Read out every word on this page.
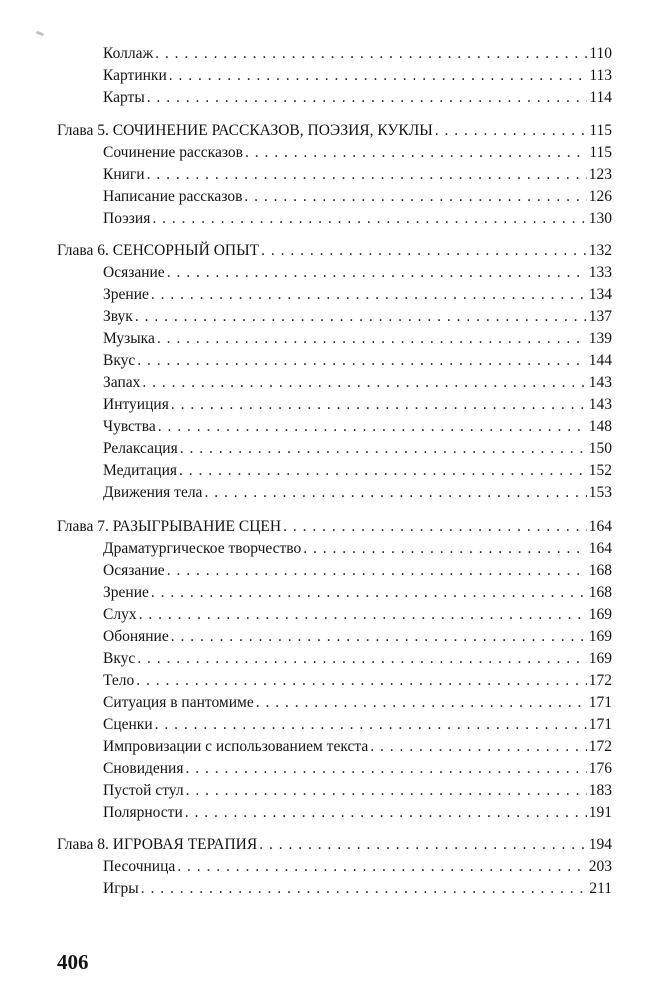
Коллаж . . .	110
Картинки . . .	113
Карты . . .	114
Глава 5. СОЧИНЕНИЕ РАССКАЗОВ, ПОЭЗИЯ, КУКЛЫ . . .	115
Сочинение рассказов . . .	115
Книги . . .	123
Написание рассказов . . .	126
Поэзия . . .	130
Глава 6. СЕНСОРНЫЙ ОПЫТ . . .	132
Осязание . . .	133
Зрение . . .	134
Звук . . .	137
Музыка . . .	139
Вкус . . .	144
Запах . . .	143
Интуиция . . .	143
Чувства . . .	148
Релаксация . . .	150
Медитация . . .	152
Движения тела . . .	153
Глава 7. РАЗЫГРЫВАНИЕ СЦЕН . . .	164
Драматургическое творчество . . .	164
Осязание . . .	168
Зрение . . .	168
Слух . . .	169
Обоняние . . .	169
Вкус . . .	169
Тело . . .	172
Ситуация в пантомиме . . .	171
Сценки . . .	171
Импровизации с использованием текста . . .	172
Сновидения . . .	176
Пустой стул . . .	183
Полярности . . .	191
Глава 8. ИГРОВАЯ ТЕРАПИЯ . . .	194
Песочница . . .	203
Игры . . .	211
406
